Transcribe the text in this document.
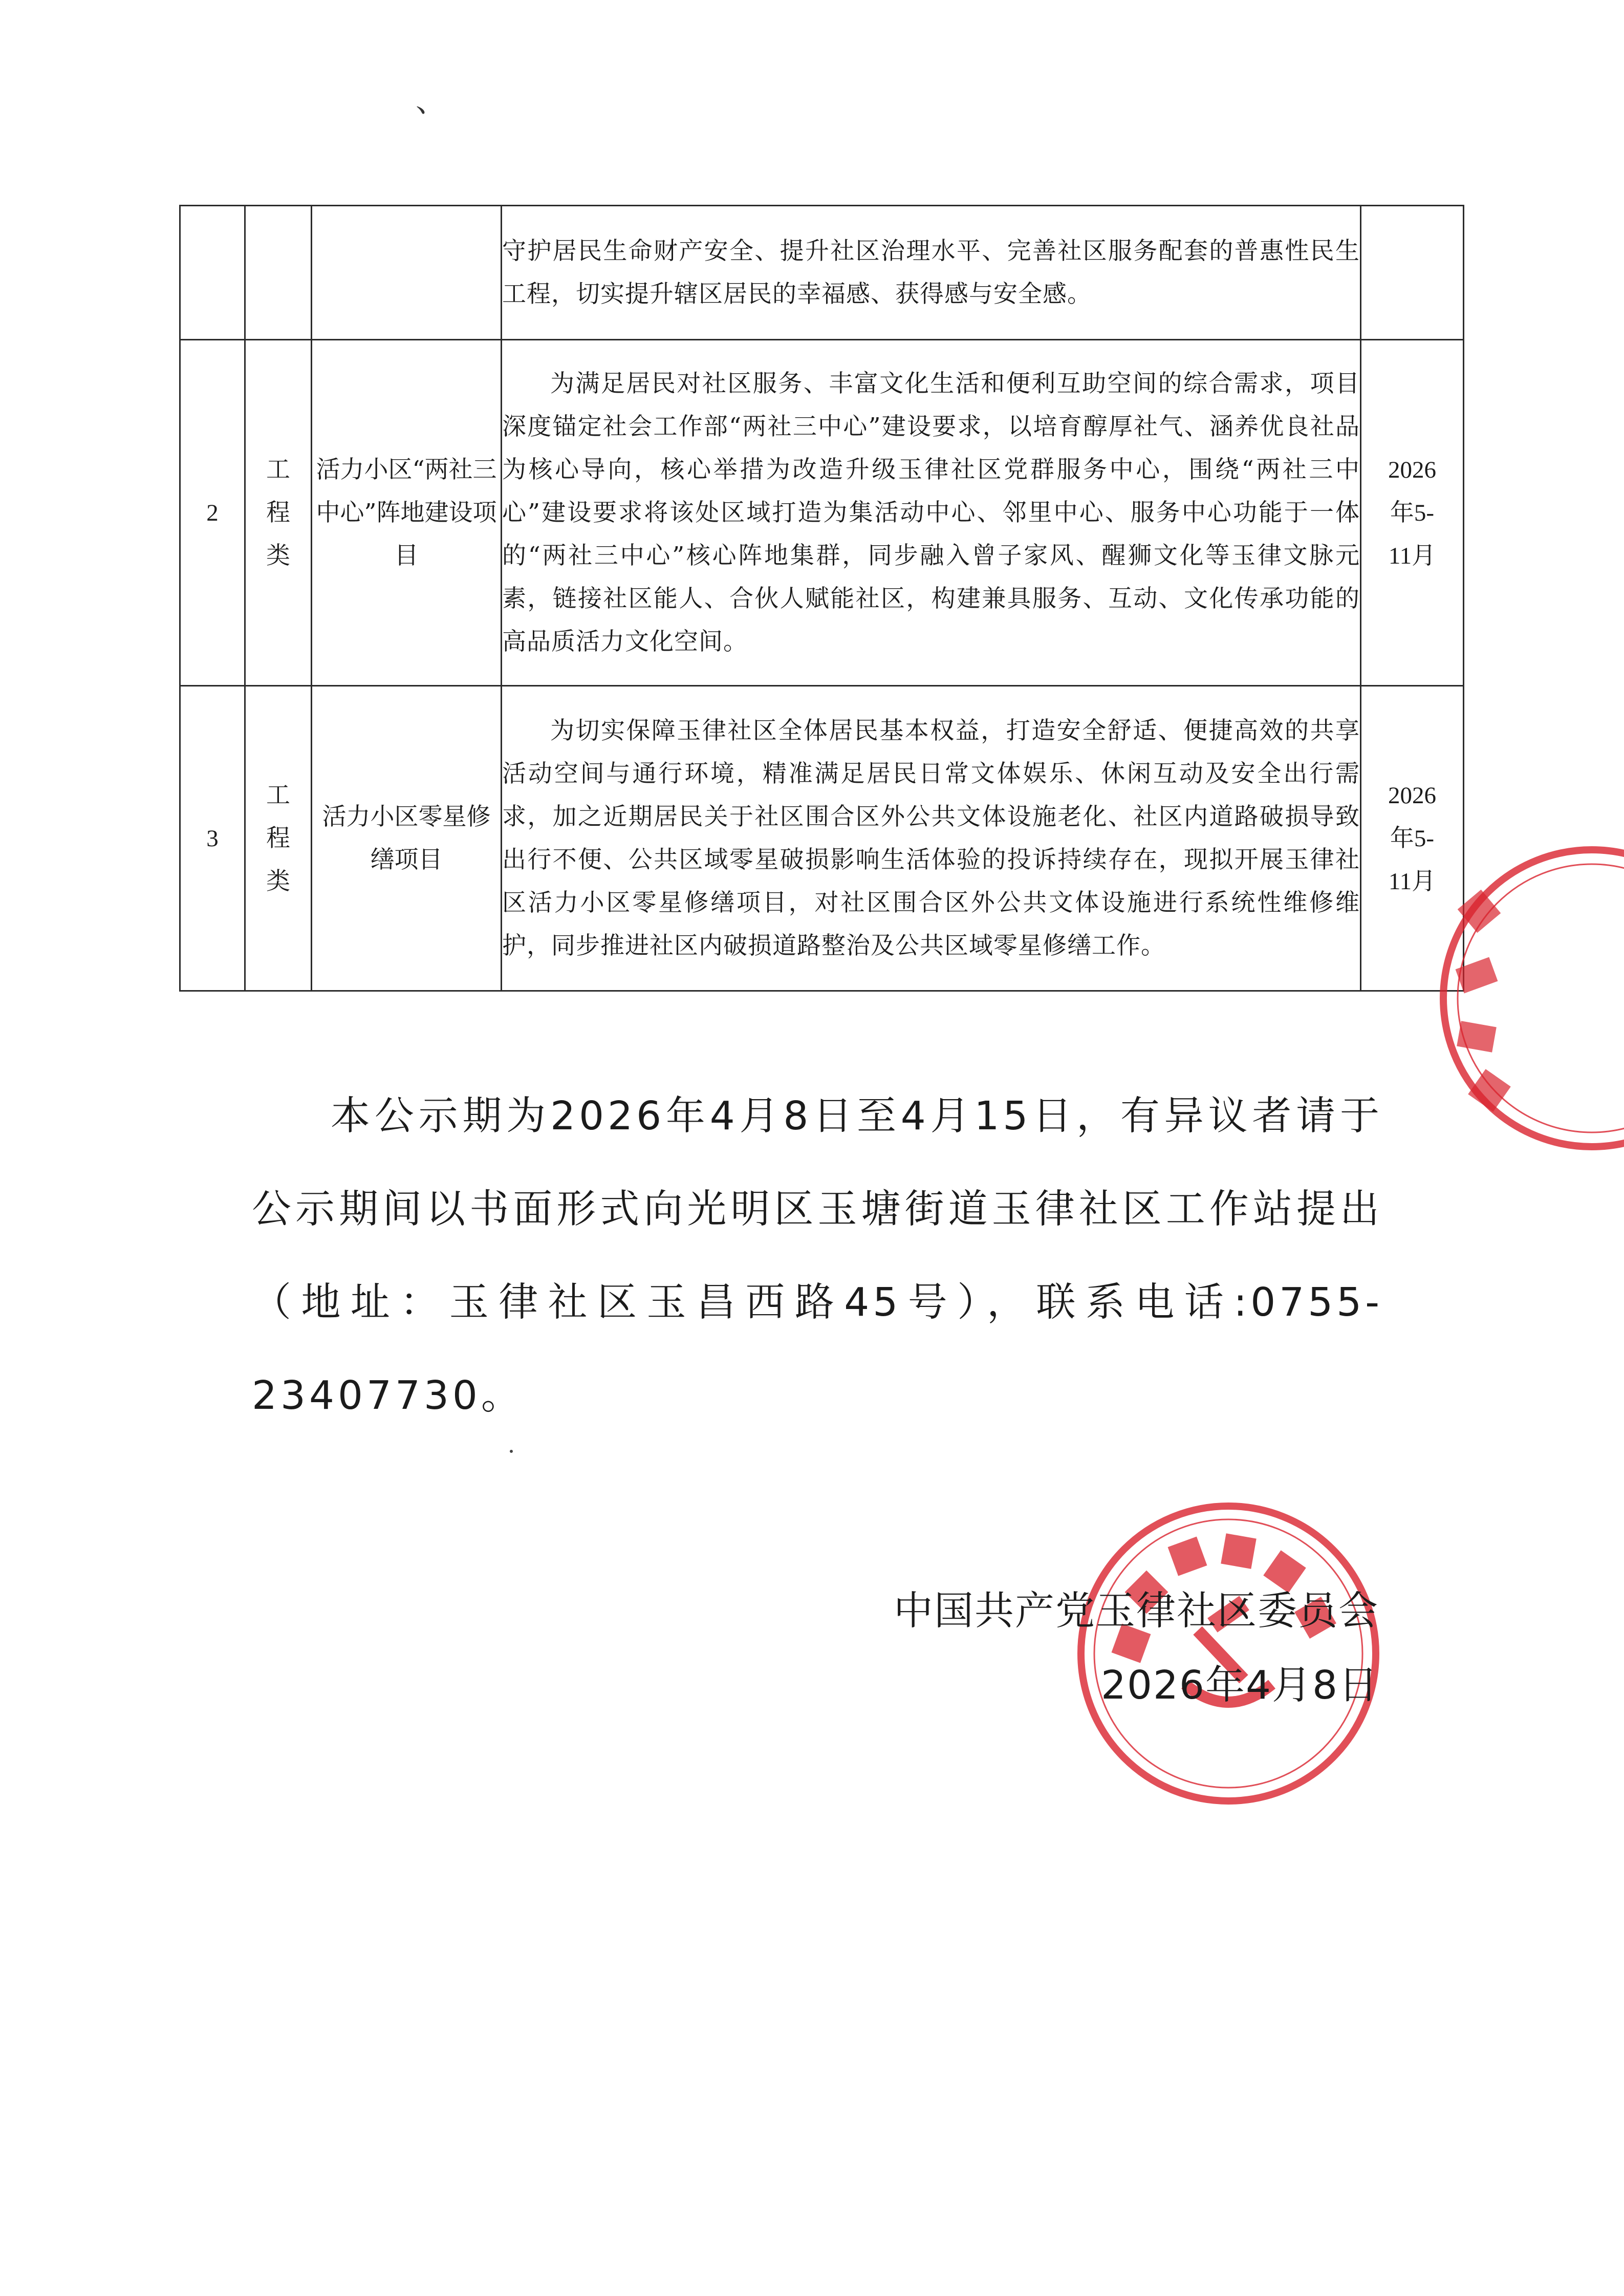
、

			守护居民生命财产安全、提升社区治理水平、完善社区服务配套的普惠性民生工程，切实提升辖区居民的幸福感、获得感与安全感。	

2	工程类	活力小区“两社三中心”阵地建设项目	为满足居民对社区服务、丰富文化生活和便利互助空间的综合需求，项目深度锚定社会工作部“两社三中心”建设要求，以培育醇厚社气、涵养优良社品为核心导向，核心举措为改造升级玉律社区党群服务中心，围绕“两社三中心”建设要求将该处区域打造为集活动中心、邻里中心、服务中心功能于一体的“两社三中心”核心阵地集群，同步融入曾子家风、醒狮文化等玉律文脉元素，链接社区能人、合伙人赋能社区，构建兼具服务、互动、文化传承功能的高品质活力文化空间。	2026年5-11月
3	工程类	活力小区零星修缮项目	为切实保障玉律社区全体居民基本权益，打造安全舒适、便捷高效的共享活动空间与通行环境，精准满足居民日常文体娱乐、休闲互动及安全出行需求，加之近期居民关于社区围合区外公共文体设施老化、社区内道路破损导致出行不便、公共区域零星破损影响生活体验的投诉持续存在，现拟开展玉律社区活力小区零星修缮项目，对社区围合区外公共文体设施进行系统性维修维护，同步推进社区内破损道路整治及公共区域零星修缮工作。	2026年5-11月

本公示期为2026年4月8日至4月15日，有异议者请于公示期间以书面形式向光明区玉塘街道玉律社区工作站提出（地址：玉律社区玉昌西路45号），联系电话:0755-23407730。

中国共产党玉律社区委员会
2026年4月8日
